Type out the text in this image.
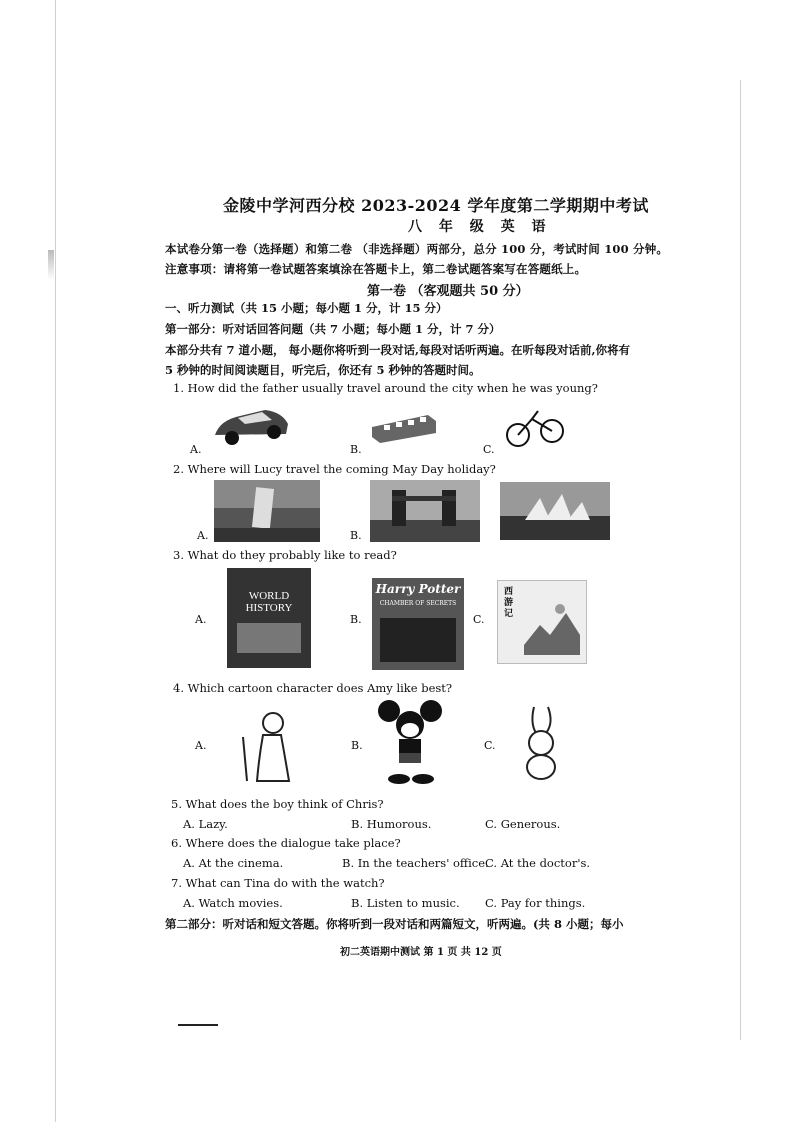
金陵中学河西分校 2023-2024 学年度第二学期期中考试
八 年 级 英 语
本试卷分第一卷（选择题）和第二卷 （非选择题）两部分，总分 100 分，考试时间 100 分钟。
注意事项：请将第一卷试题答案填涂在答题卡上，第二卷试题答案写在答题纸上。
第一卷 （客观题共 50 分）
一、听力测试（共 15 小题；每小题 1 分，计 15 分）
第一部分：听对话回答问题（共 7 小题；每小题 1 分，计 7 分）
本部分共有 7 道小题， 每小题你将听到一段对话,每段对话听两遍。在听每段对话前,你将有
5 秒钟的时间阅读题目，听完后，你还有 5 秒钟的答题时间。
1. How did the father usually travel around the city when he was young?
A.	B.	C.
2. Where will Lucy travel the coming May Day holiday?
A.	B.
3. What do they probably like to read?
A.	B.	C.
WORLD HISTORY
Harry Potter
CHAMBER OF SECRETS
西游记
4. Which cartoon character does Amy like best?
A.	B.	C.
5. What does the boy think of Chris?
A. Lazy.	B. Humorous.	C. Generous.
6. Where does the dialogue take place?
A. At the cinema.	B. In the teachers' office.
C. At the doctor's.
7. What can Tina do with the watch?
A. Watch movies.	B. Listen to music. C. Pay for things.
第二部分：听对话和短文答题。你将听到一段对话和两篇短文，听两遍。(共 8 小题；每小
初二英语期中测试 第 1 页 共 12 页
